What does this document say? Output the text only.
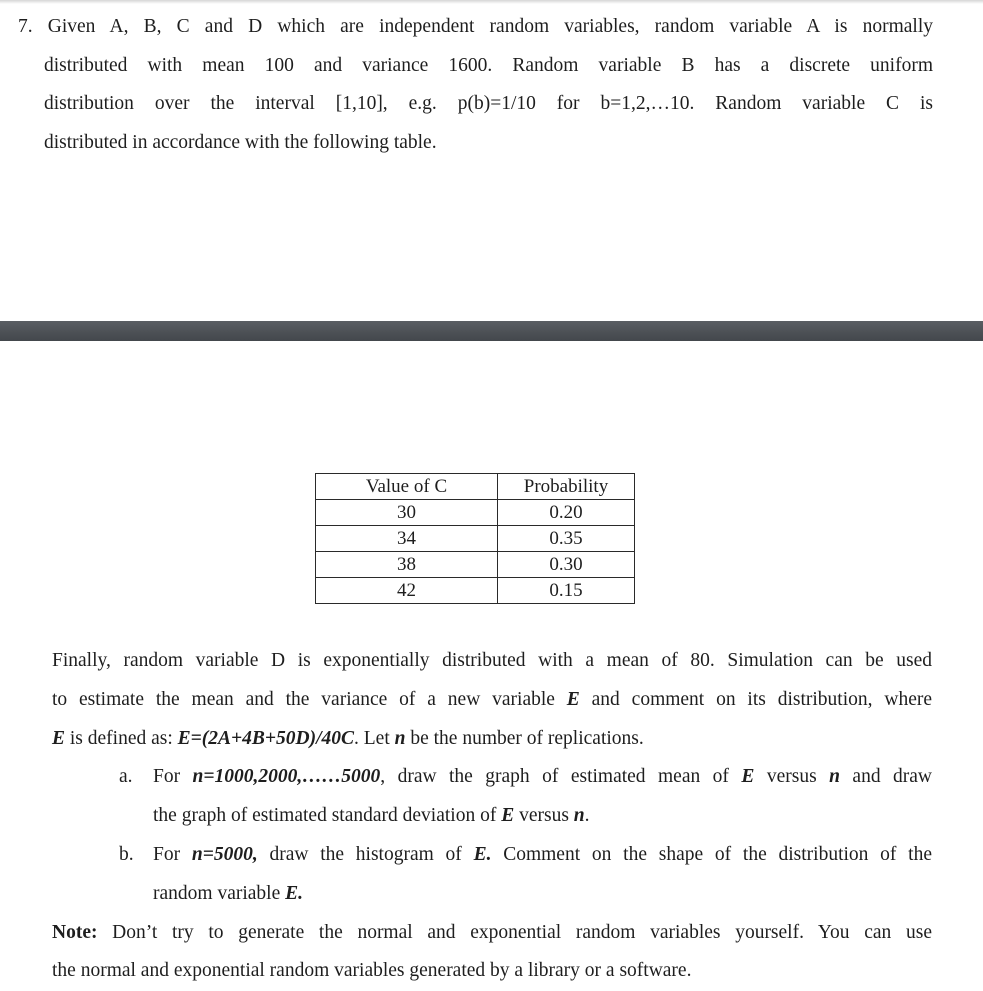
7. Given A, B, C and D which are independent random variables, random variable A is normally
distributed with mean 100 and variance 1600. Random variable B has a discrete uniform
distribution over the interval [1,10], e.g. p(b)=1/10 for b=1,2,…10. Random variable C is
distributed in accordance with the following table.
Value of C	Probability
30	0.20
34	0.35
38	0.30
42	0.15
Finally, random variable D is exponentially distributed with a mean of 80. Simulation can be used
to estimate the mean and the variance of a new variable E and comment on its distribution, where
E is defined as: E=(2A+4B+50D)/40C. Let n be the number of replications.
a. For n=1000,2000,……5000, draw the graph of estimated mean of E versus n and draw
the graph of estimated standard deviation of E versus n.
b. For n=5000, draw the histogram of E. Comment on the shape of the distribution of the
random variable E.
Note: Don’t try to generate the normal and exponential random variables yourself. You can use
the normal and exponential random variables generated by a library or a software.
